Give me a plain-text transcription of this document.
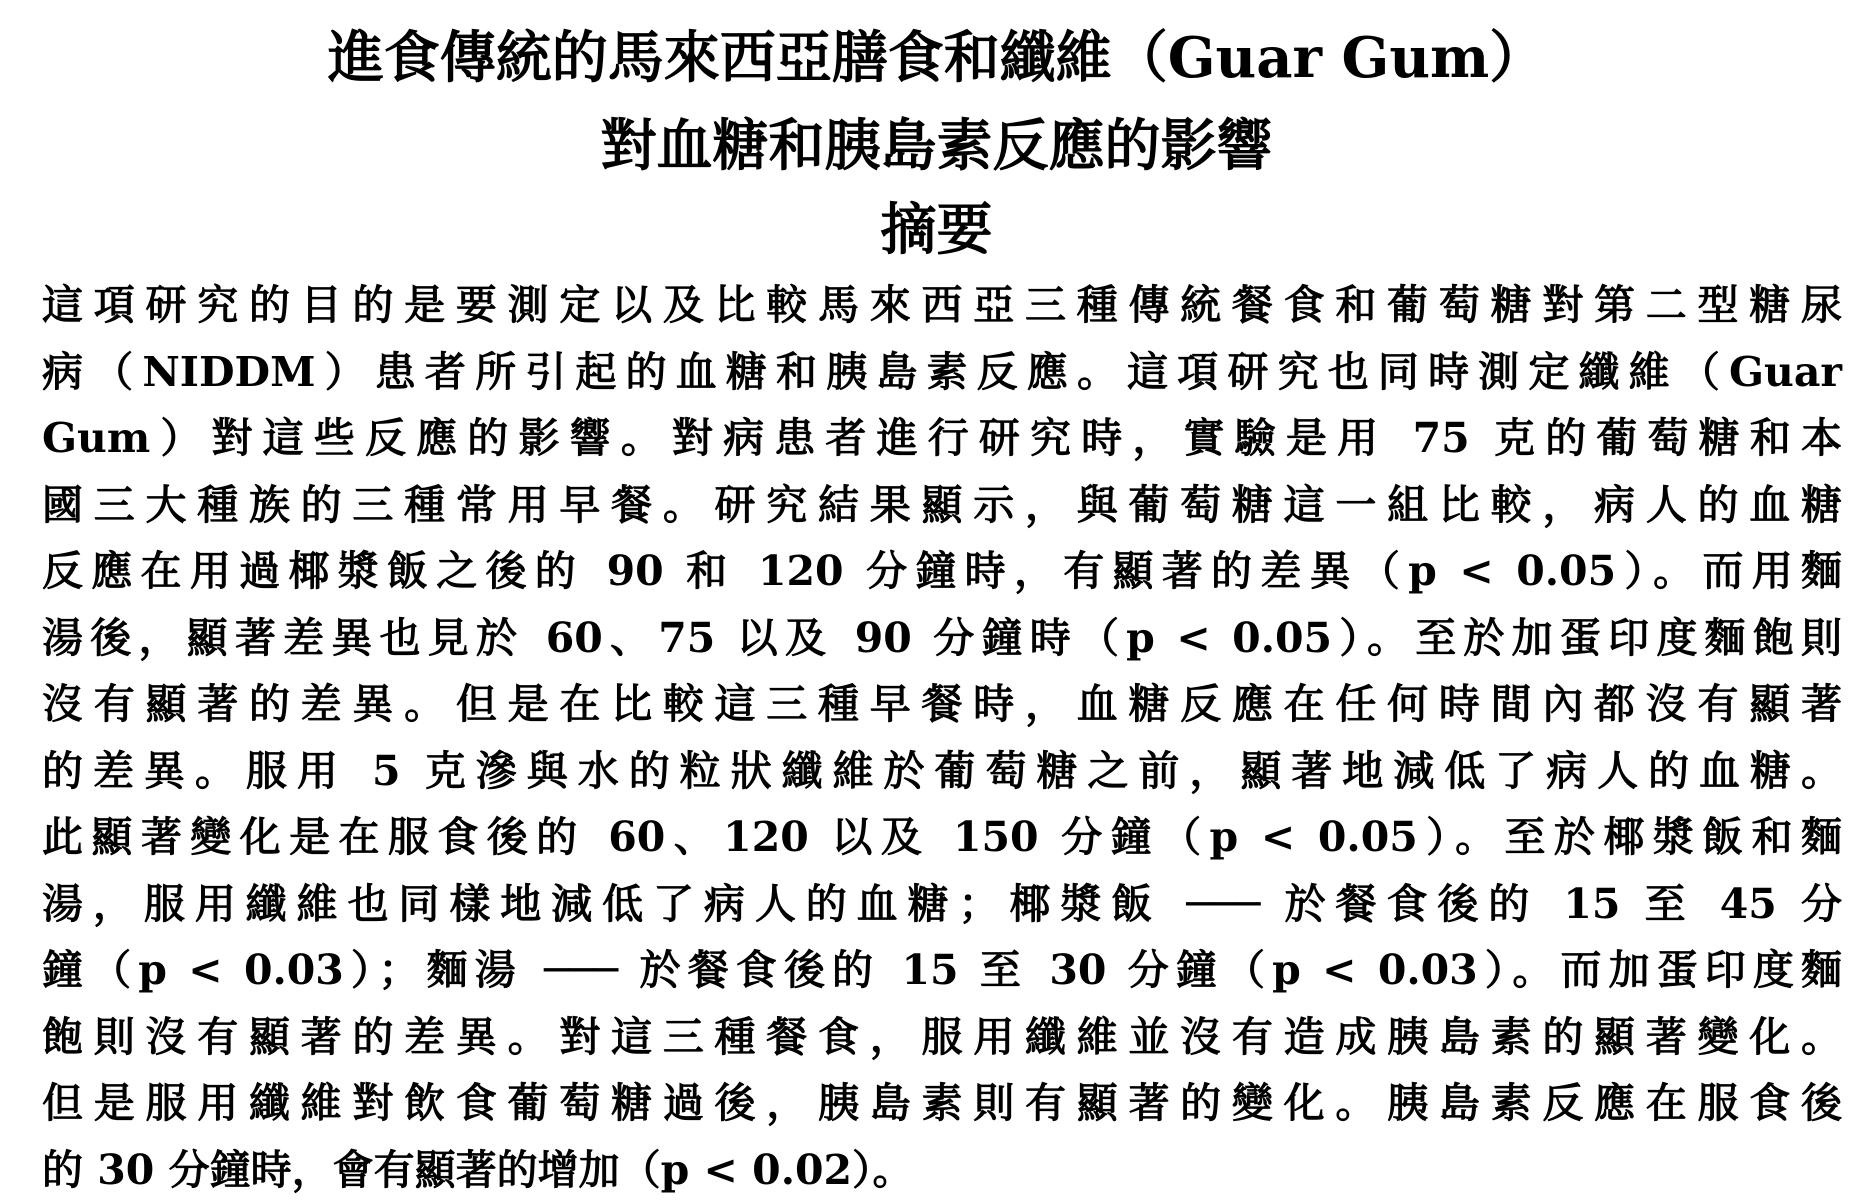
進食傳統的馬來西亞膳食和纖維（Guar Gum）
對血糖和胰島素反應的影響
摘要
這項研究的目的是要測定以及比較馬來西亞三種傳統餐食和葡萄糖對第二型糖尿
病（NIDDM）患者所引起的血糖和胰島素反應。這項研究也同時測定纖維（Guar
Gum）對這些反應的影響。對病患者進行研究時，實驗是用 75 克的葡萄糖和本
國三大種族的三種常用早餐。研究結果顯示，與葡萄糖這一組比較，病人的血糖
反應在用過椰漿飯之後的 90 和 120 分鐘時，有顯著的差異（p < 0.05）。而用麵
湯後，顯著差異也見於 60、75 以及 90 分鐘時（p < 0.05）。至於加蛋印度麵飽則
沒有顯著的差異。但是在比較這三種早餐時，血糖反應在任何時間內都沒有顯著
的差異。服用 5 克滲與水的粒狀纖維於葡萄糖之前，顯著地減低了病人的血糖。
此顯著變化是在服食後的 60、120 以及 150 分鐘（p < 0.05）。至於椰漿飯和麵
湯，服用纖維也同樣地減低了病人的血糖；椰漿飯 ─── 於餐食後的 15 至 45 分
鐘（p < 0.03）；麵湯 ─── 於餐食後的 15 至 30 分鐘（p < 0.03）。而加蛋印度麵
飽則沒有顯著的差異。對這三種餐食，服用纖維並沒有造成胰島素的顯著變化。
但是服用纖維對飲食葡萄糖過後，胰島素則有顯著的變化。胰島素反應在服食後
的 30 分鐘時，會有顯著的增加（p < 0.02）。
